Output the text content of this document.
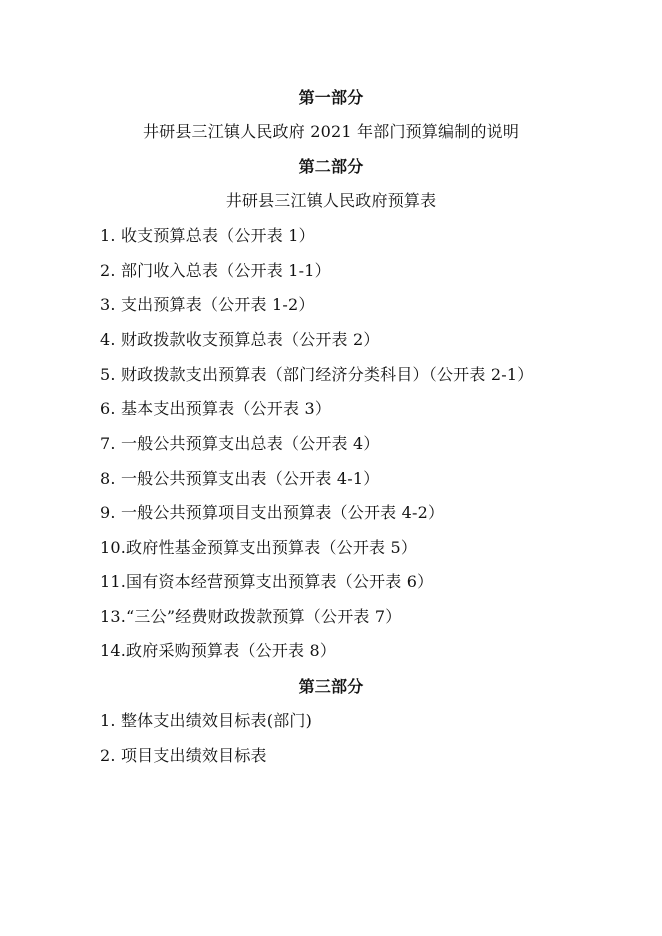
第一部分
井研县三江镇人民政府 2021 年部门预算编制的说明
第二部分
井研县三江镇人民政府预算表
1. 收支预算总表（公开表 1）
2. 部门收入总表（公开表 1-1）
3. 支出预算表（公开表 1-2）
4. 财政拨款收支预算总表（公开表 2）
5. 财政拨款支出预算表（部门经济分类科目）（公开表 2-1）
6. 基本支出预算表（公开表 3）
7. 一般公共预算支出总表（公开表 4）
8. 一般公共预算支出表（公开表 4-1）
9. 一般公共预算项目支出预算表（公开表 4-2）
10.政府性基金预算支出预算表（公开表 5）
11.国有资本经营预算支出预算表（公开表 6）
13.“三公”经费财政拨款预算（公开表 7）
14.政府采购预算表（公开表 8）
第三部分
1. 整体支出绩效目标表(部门)
2. 项目支出绩效目标表
